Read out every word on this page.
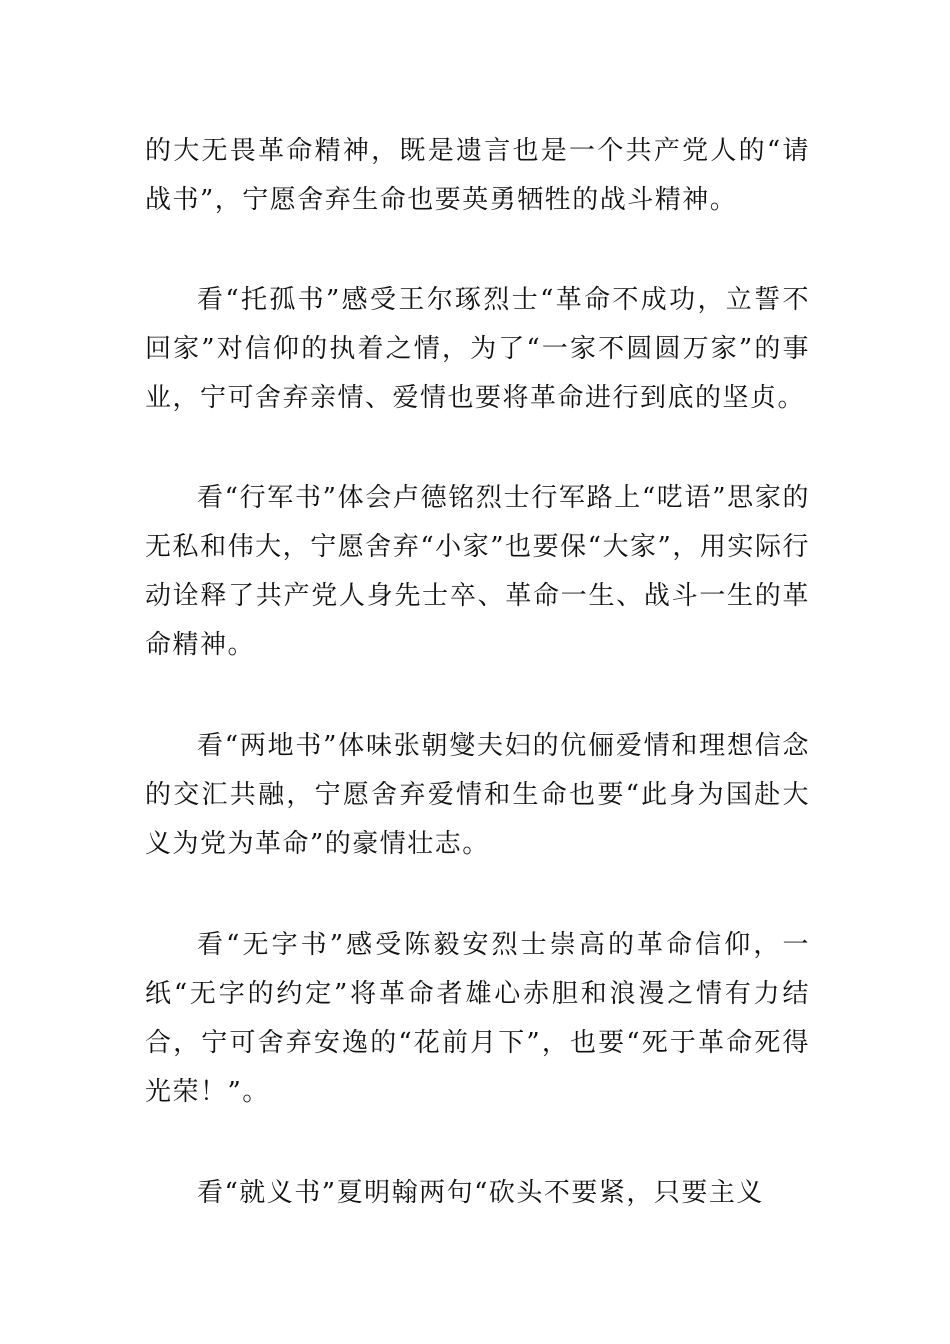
的大无畏革命精神，既是遗言也是一个共产党人的“请战书”，宁愿舍弃生命也要英勇牺牲的战斗精神。

看“托孤书”感受王尔琢烈士“革命不成功，立誓不回家”对信仰的执着之情，为了“一家不圆圆万家”的事业，宁可舍弃亲情、爱情也要将革命进行到底的坚贞。

看“行军书”体会卢德铭烈士行军路上“呓语”思家的无私和伟大，宁愿舍弃“小家”也要保“大家”，用实际行动诠释了共产党人身先士卒、革命一生、战斗一生的革命精神。

看“两地书”体味张朝燮夫妇的伉俪爱情和理想信念的交汇共融，宁愿舍弃爱情和生命也要“此身为国赴大义为党为革命”的豪情壮志。

看“无字书”感受陈毅安烈士崇高的革命信仰，一纸“无字的约定”将革命者雄心赤胆和浪漫之情有力结合，宁可舍弃安逸的“花前月下”，也要“死于革命死得光荣！”。

看“就义书”夏明翰两句“砍头不要紧，只要主义
